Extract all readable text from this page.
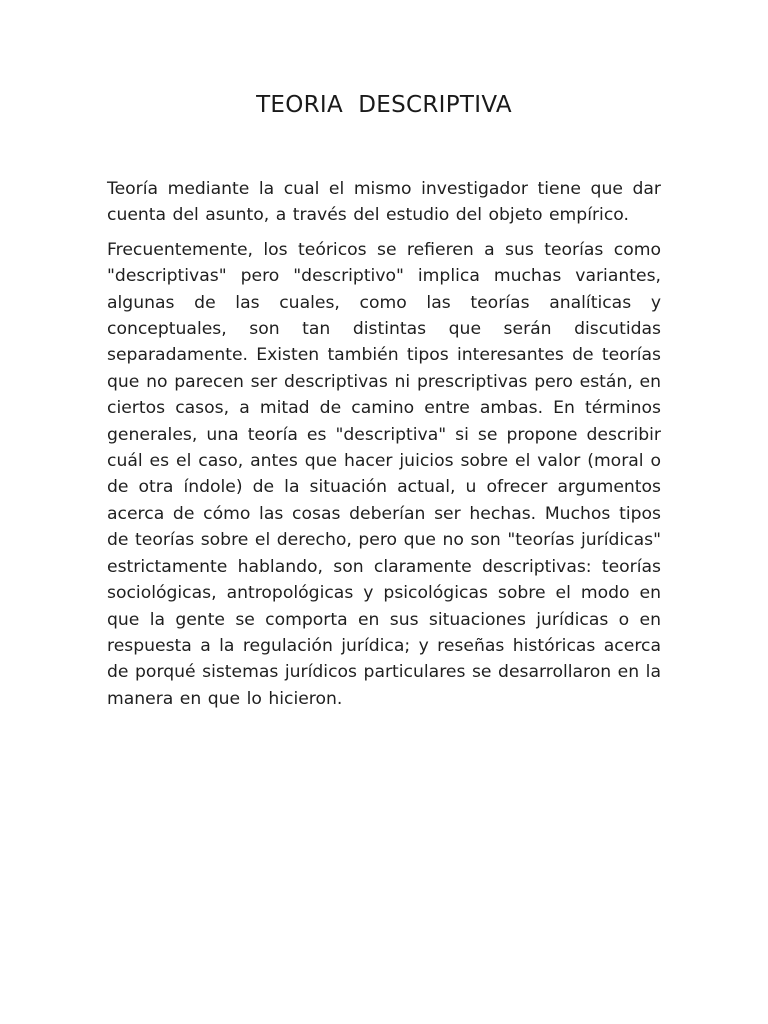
TEORIA  DESCRIPTIVA

Teoría mediante la cual el mismo investigador tiene que dar cuenta del asunto, a través del estudio del objeto empírico.

Frecuentemente, los teóricos se refieren a sus teorías como "descriptivas" pero "descriptivo" implica muchas variantes, algunas de las cuales, como las teorías analíticas y conceptuales, son tan distintas que serán discutidas separadamente. Existen también tipos interesantes de teorías que no parecen ser descriptivas ni prescriptivas pero están, en ciertos casos, a mitad de camino entre ambas. En términos generales, una teoría es "descriptiva" si se propone describir cuál es el caso, antes que hacer juicios sobre el valor (moral o de otra índole) de la situación actual, u ofrecer argumentos acerca de cómo las cosas deberían ser hechas. Muchos tipos de teorías sobre el derecho, pero que no son "teorías jurídicas" estrictamente hablando, son claramente descriptivas: teorías sociológicas, antropológicas y psicológicas sobre el modo en que la gente se comporta en sus situaciones jurídicas o en respuesta a la regulación jurídica; y reseñas históricas acerca de porqué sistemas jurídicos particulares se desarrollaron en la manera en que lo hicieron.
